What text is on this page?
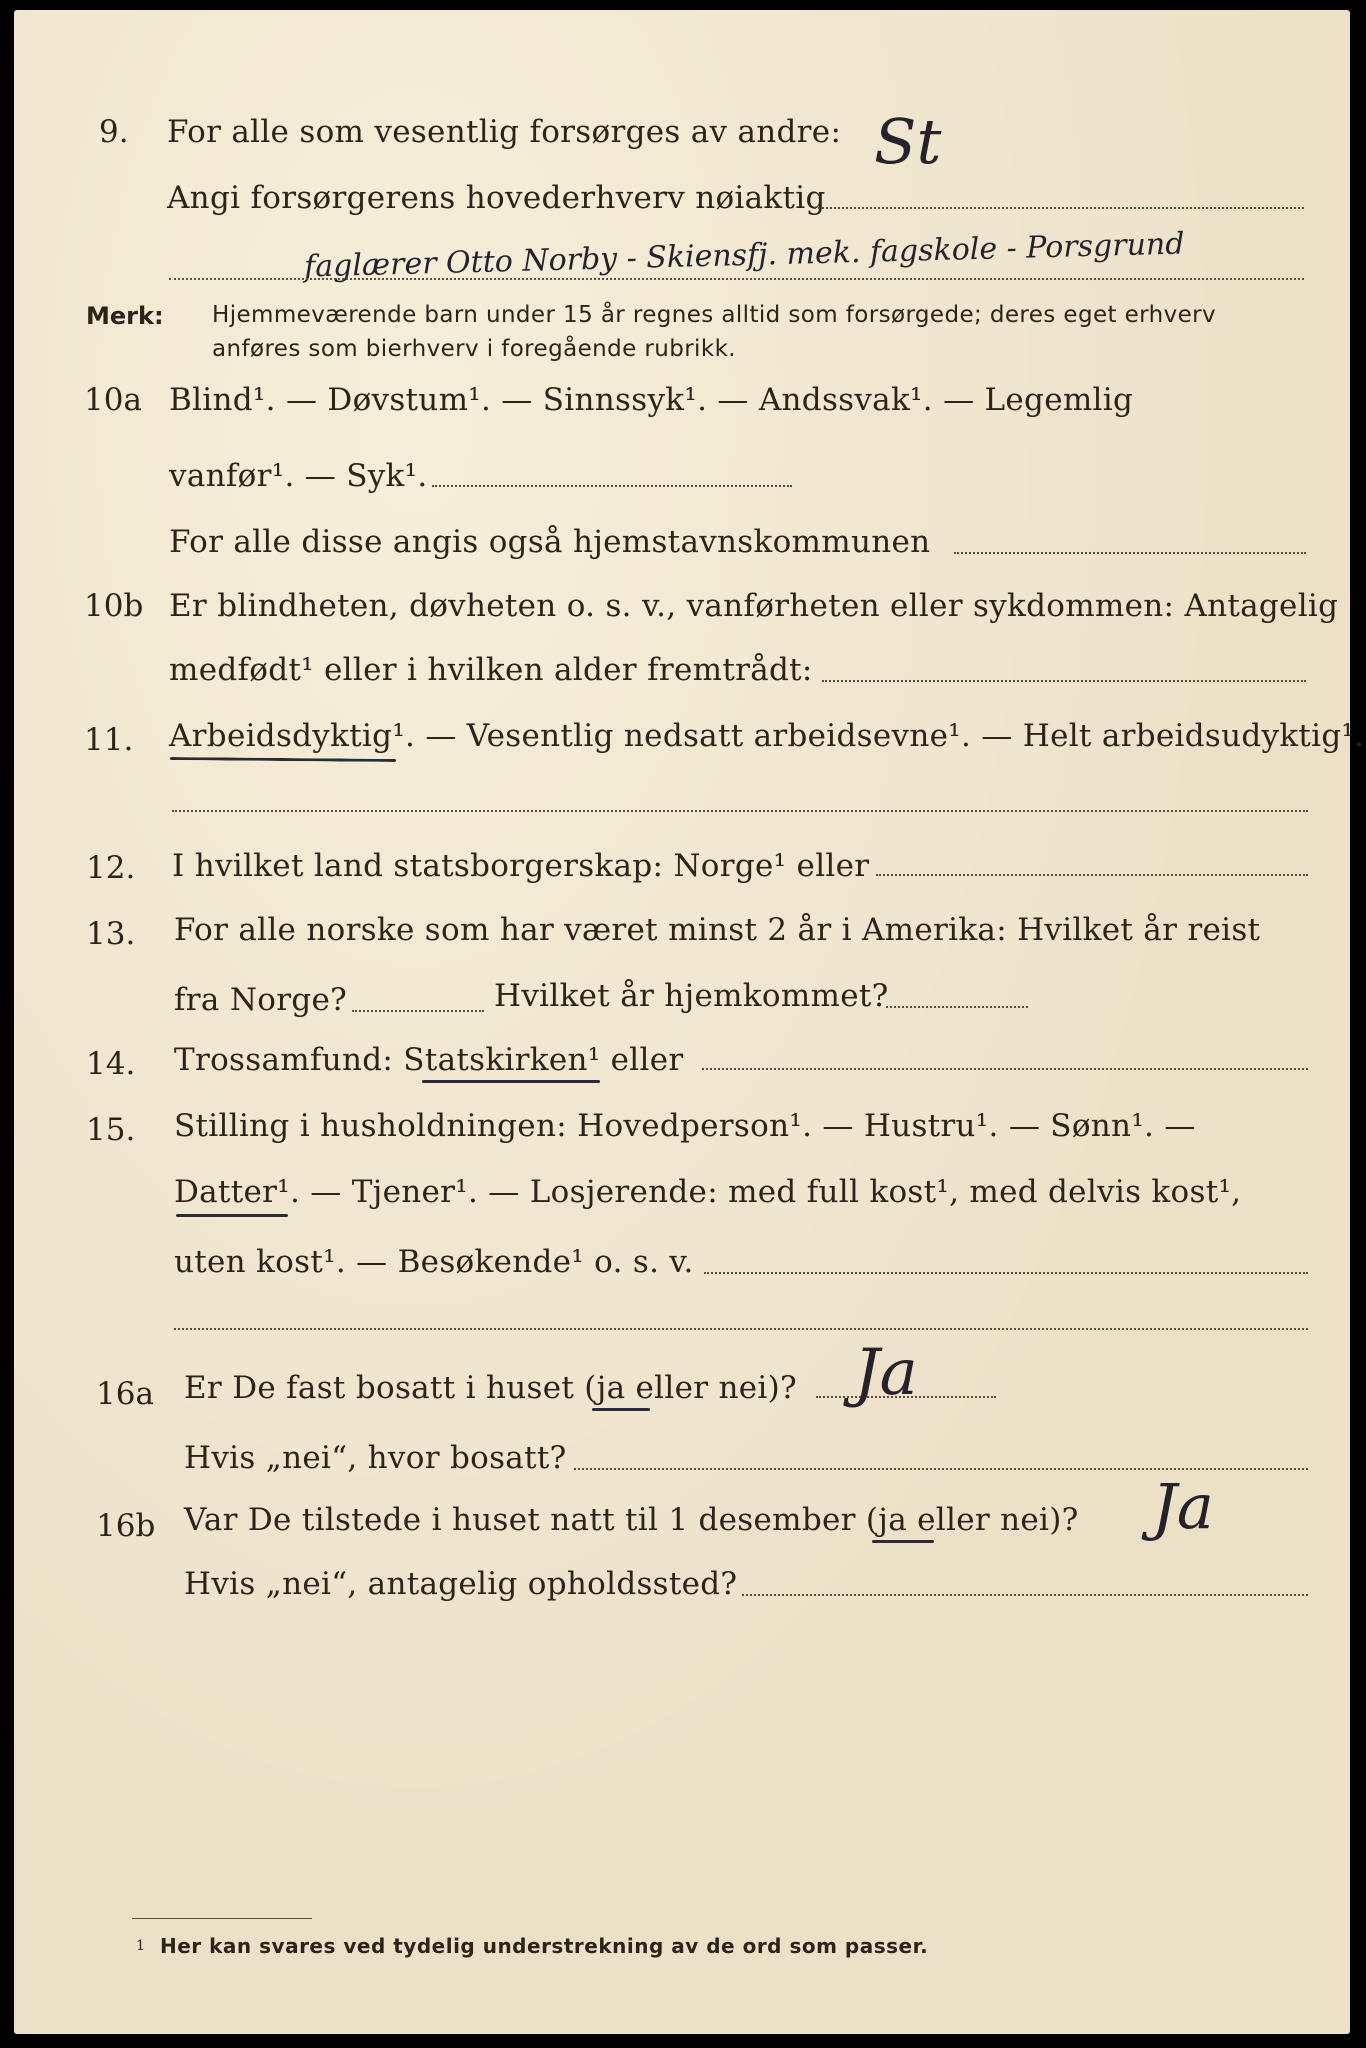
9. For alle som vesentlig forsørges av andre: St
Angi forsørgerens hovederhverv nøiaktig
faglærer Otto Norby - Skiensfj. mek. fagskole - Porsgrund
Merk: Hjemmeværende barn under 15 år regnes alltid som forsørgede; deres eget erhverv
anføres som bierhverv i foregående rubrikk.
10a Blind¹. — Døvstum¹. — Sinnssyk¹. — Andssvak¹. — Legemlig
vanfør¹. — Syk¹.
For alle disse angis også hjemstavnskommunen
10b Er blindheten, døvheten o. s. v., vanførheten eller sykdommen: Antagelig
medfødt¹ eller i hvilken alder fremtrådt:
11. Arbeidsdyktig¹. — Vesentlig nedsatt arbeidsevne¹. — Helt arbeidsudyktig¹.
12. I hvilket land statsborgerskap: Norge¹ eller
13. For alle norske som har været minst 2 år i Amerika: Hvilket år reist
fra Norge?	Hvilket år hjemkommet?
14. Trossamfund: Statskirken¹ eller
15. Stilling i husholdningen: Hovedperson¹. — Hustru¹. — Sønn¹. —
Datter¹. — Tjener¹. — Losjerende: med full kost¹, med delvis kost¹,
uten kost¹. — Besøkende¹ o. s. v.
16a Er De fast bosatt i huset (ja eller nei)? Ja
Hvis „nei“, hvor bosatt?
16b Var De tilstede i huset natt til 1 desember (ja eller nei)? Ja
Hvis „nei“, antagelig opholdssted?
1 Her kan svares ved tydelig understrekning av de ord som passer.
